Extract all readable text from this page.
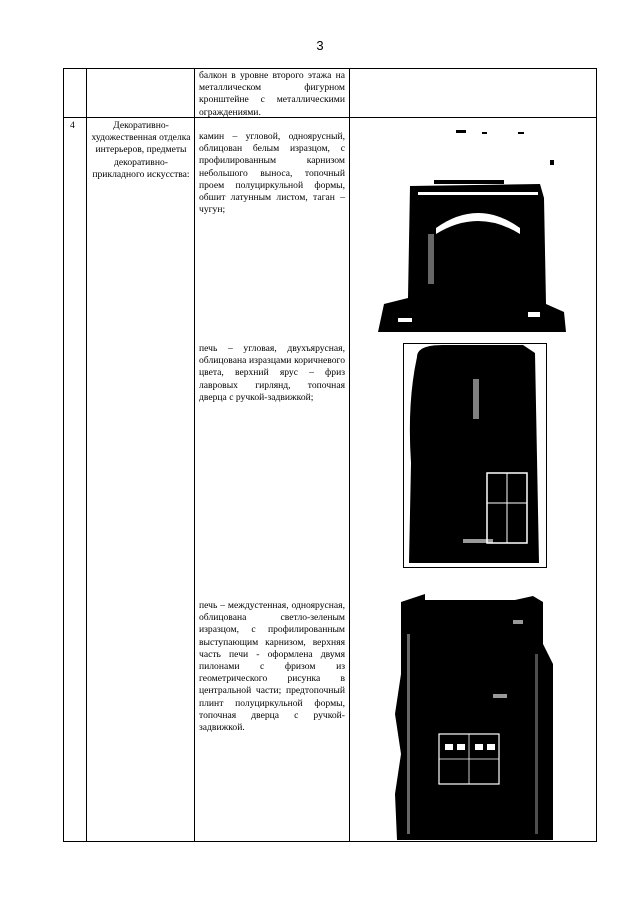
3
балкон в уровне второго этажа на металлическом фигурном кронштейне с металлическими ограждениями.
4	Декоративно-художественная отделка интерьеров, предметы декоративно-прикладного искусства:
камин – угловой, одноярусный, облицован белым изразцом, с профилированным карнизом небольшого выноса, топочный проем полуциркульной формы, обшит латунным листом, таган – чугун;
печь – угловая, двухъярусная, облицована изразцами коричневого цвета, верхний ярус – фриз лавровых гирлянд, топочная дверца с ручкой-задвижкой;
печь – междустенная, одноярусная, облицована светло-зеленым изразцом, с профилированным выступающим карнизом, верхняя часть печи - оформлена двумя пилонами с фризом из геометрического рисунка в центральной части; предтопочный плинт полуциркульной формы, топочная дверца с ручкой-задвижкой.
